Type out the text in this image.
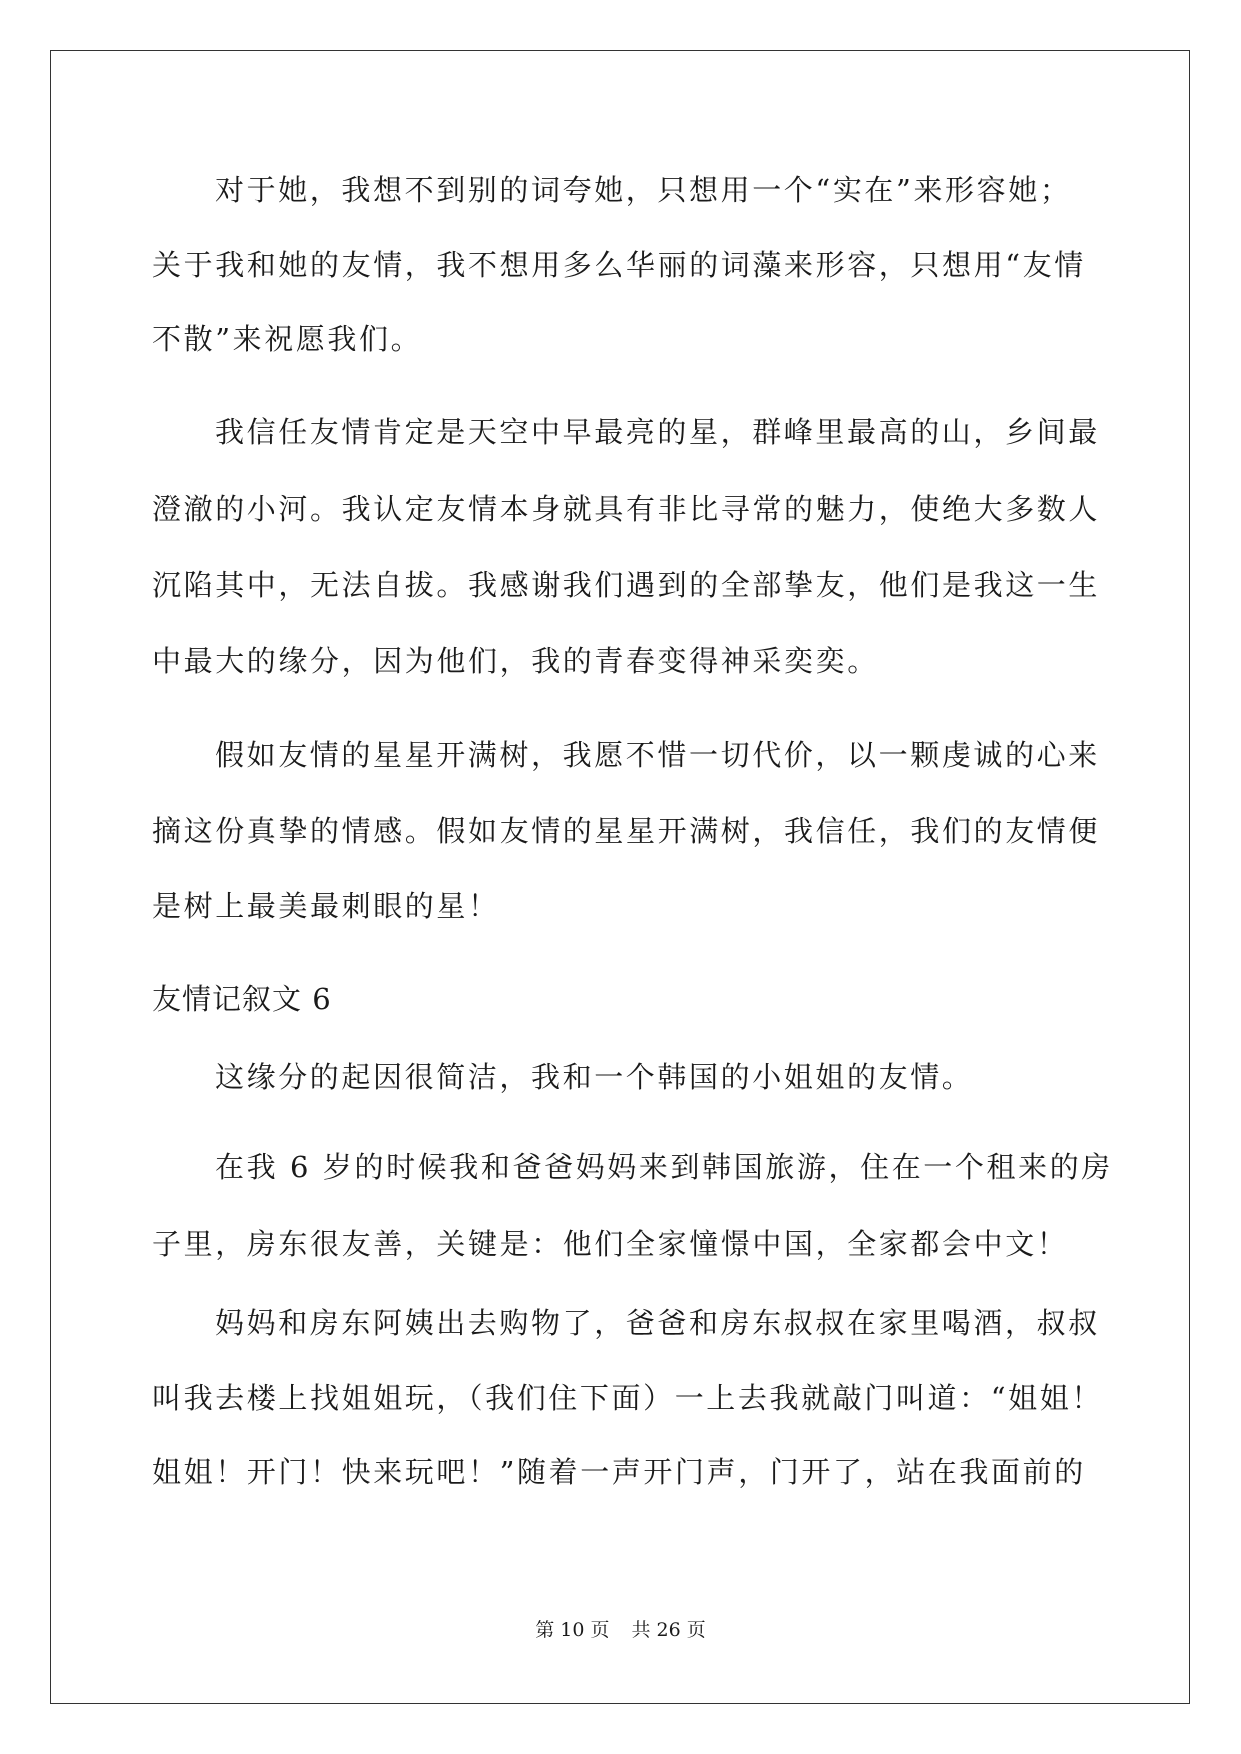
对于她，我想不到别的词夸她，只想用一个“实在”来形容她；

关于我和她的友情，我不想用多么华丽的词藻来形容，只想用“友情

不散”来祝愿我们。

我信任友情肯定是天空中早最亮的星，群峰里最高的山，乡间最

澄澈的小河。我认定友情本身就具有非比寻常的魅力，使绝大多数人

沉陷其中，无法自拔。我感谢我们遇到的全部挚友，他们是我这一生

中最大的缘分，因为他们，我的青春变得神采奕奕。

假如友情的星星开满树，我愿不惜一切代价，以一颗虔诚的心来

摘这份真挚的情感。假如友情的星星开满树，我信任，我们的友情便

是树上最美最刺眼的星！

友情记叙文 6

这缘分的起因很简洁，我和一个韩国的小姐姐的友情。

在我 6 岁的时候我和爸爸妈妈来到韩国旅游，住在一个租来的房

子里，房东很友善，关键是：他们全家憧憬中国，全家都会中文！

妈妈和房东阿姨出去购物了，爸爸和房东叔叔在家里喝酒，叔叔

叫我去楼上找姐姐玩，（我们住下面）一上去我就敲门叫道：“姐姐！

姐姐！开门！快来玩吧！”随着一声开门声，门开了，站在我面前的

第 10 页 共 26 页
